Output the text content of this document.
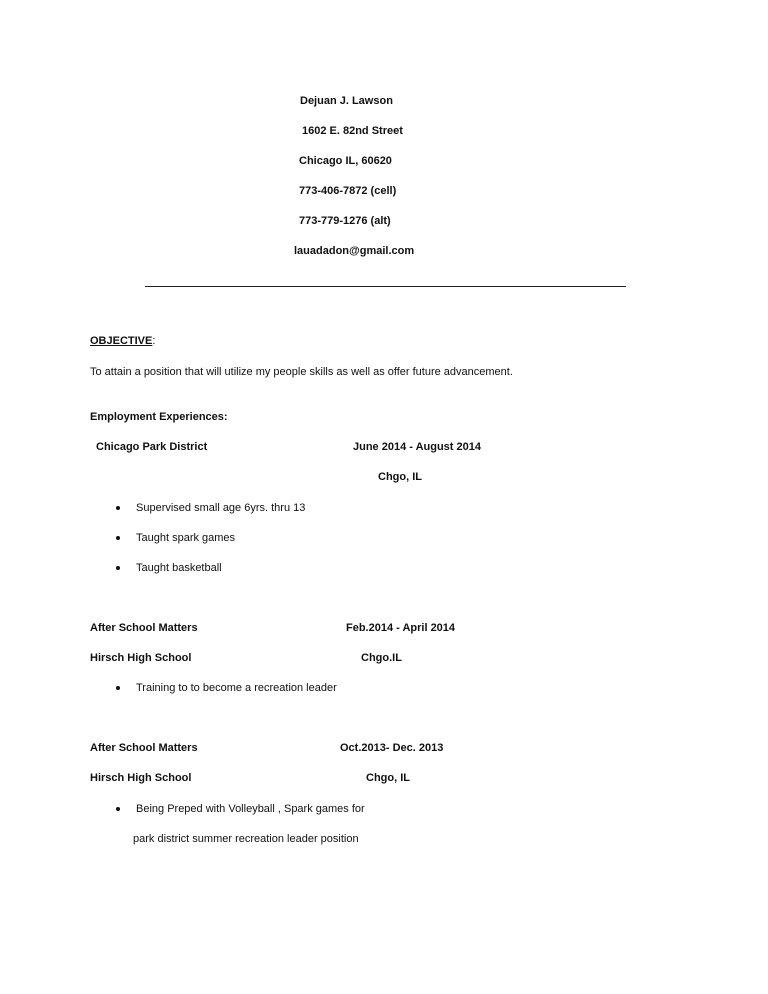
Dejuan J. Lawson
1602 E. 82nd Street
Chicago IL, 60620
773-406-7872 (cell)
773-779-1276 (alt)
lauadadon@gmail.com
OBJECTIVE:
To attain a position that will utilize my people skills as well as offer future advancement.
Employment Experiences:
Chicago Park District	June 2014 - August 2014
Chgo, IL
Supervised small age 6yrs. thru 13
Taught spark games
Taught basketball
After School Matters	Feb.2014 - April 2014
Hirsch High School	Chgo.IL
Training to to become a recreation leader
After School Matters	Oct.2013- Dec. 2013
Hirsch High School	Chgo, IL
Being Preped with Volleyball , Spark games for
park district summer recreation leader position
